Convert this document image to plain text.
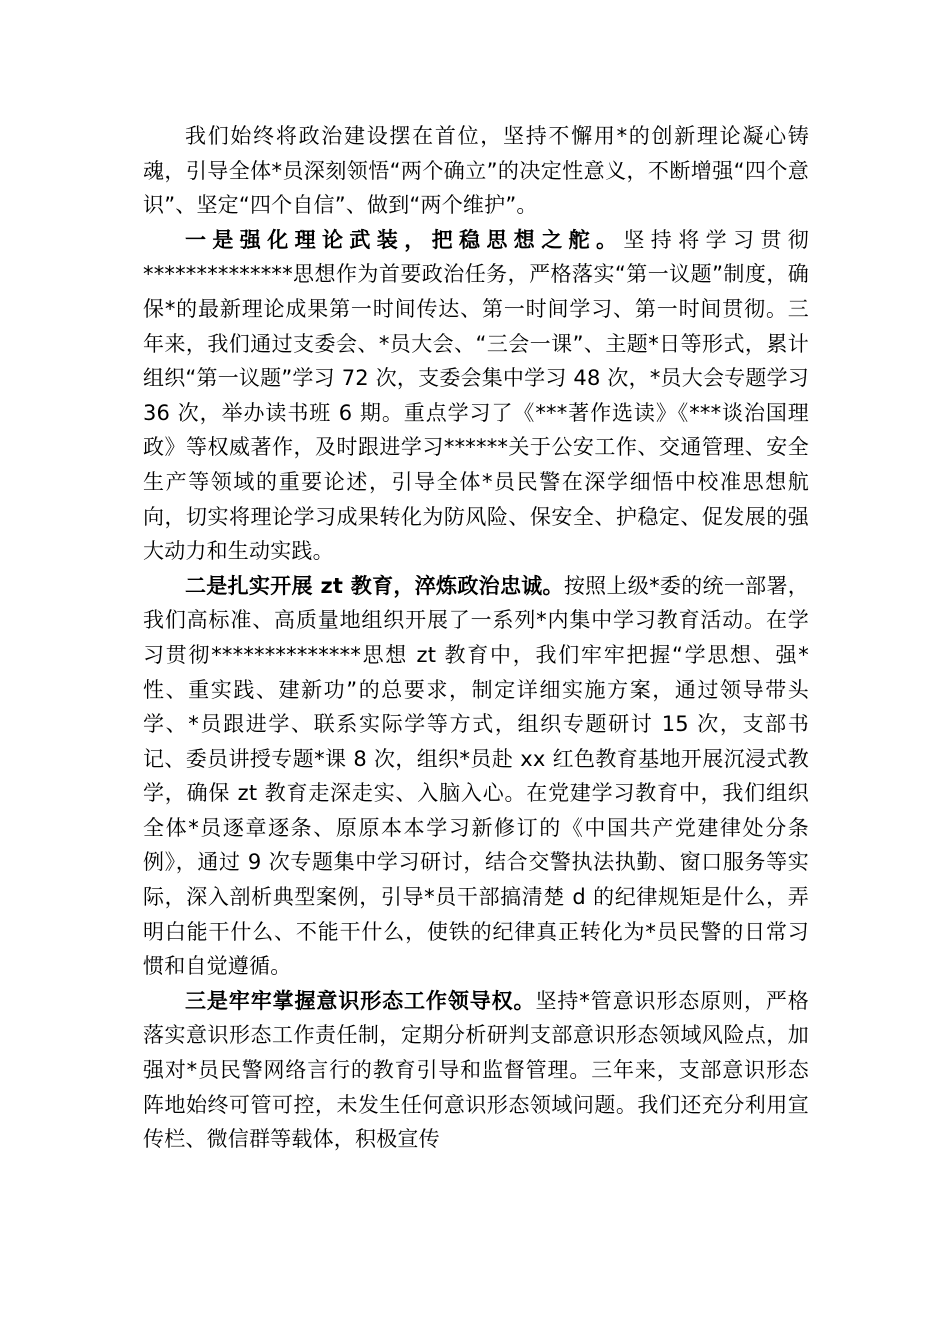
我们始终将政治建设摆在首位，坚持不懈用*的创新理论凝心铸魂，引导全体*员深刻领悟“两个确立”的决定性意义，不断增强“四个意识”、坚定“四个自信”、做到“两个维护”。

一是强化理论武装，把稳思想之舵。坚持将学习贯彻**************思想作为首要政治任务，严格落实“第一议题”制度，确保*的最新理论成果第一时间传达、第一时间学习、第一时间贯彻。三年来，我们通过支委会、*员大会、“三会一课”、主题*日等形式，累计组织“第一议题”学习 72 次，支委会集中学习 48 次，*员大会专题学习 36 次，举办读书班 6 期。重点学习了《***著作选读》《***谈治国理政》等权威著作，及时跟进学习******关于公安工作、交通管理、安全生产等领域的重要论述，引导全体*员民警在深学细悟中校准思想航向，切实将理论学习成果转化为防风险、保安全、护稳定、促发展的强大动力和生动实践。

二是扎实开展 zt 教育，淬炼政治忠诚。按照上级*委的统一部署，我们高标准、高质量地组织开展了一系列*内集中学习教育活动。在学习贯彻**************思想 zt 教育中，我们牢牢把握“学思想、强*性、重实践、建新功”的总要求，制定详细实施方案，通过领导带头学、*员跟进学、联系实际学等方式，组织专题研讨 15 次，支部书记、委员讲授专题*课 8 次，组织*员赴 xx 红色教育基地开展沉浸式教学，确保 zt 教育走深走实、入脑入心。在党建学习教育中，我们组织全体*员逐章逐条、原原本本学习新修订的《中国共产党建律处分条例》，通过 9 次专题集中学习研讨，结合交警执法执勤、窗口服务等实际，深入剖析典型案例，引导*员干部搞清楚 d 的纪律规矩是什么，弄明白能干什么、不能干什么，使铁的纪律真正转化为*员民警的日常习惯和自觉遵循。

三是牢牢掌握意识形态工作领导权。坚持*管意识形态原则，严格落实意识形态工作责任制，定期分析研判支部意识形态领域风险点，加强对*员民警网络言行的教育引导和监督管理。三年来，支部意识形态阵地始终可管可控，未发生任何意识形态领域问题。我们还充分利用宣传栏、微信群等载体，积极宣传
